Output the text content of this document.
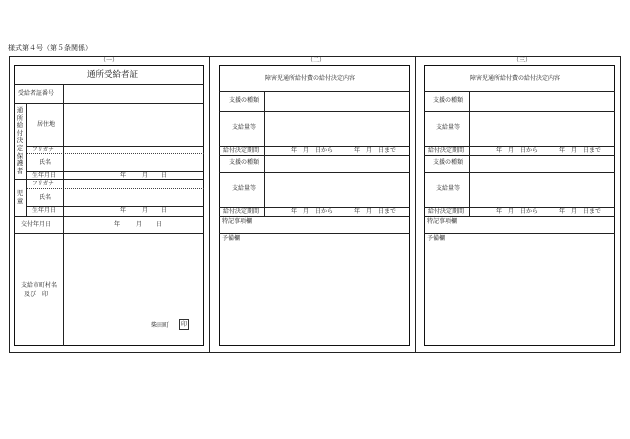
様式第４号（第５条関係）
（一）	（二）	（三）
通所受給者証
受給者証番号
通所給付決定保護者
居住地
フリガナ
氏名
生年月日	年	月 日
児童
フリガナ
氏名
生年月日	年	月 日
交付年月日	年	月 日
支給市町村名
及び　印
柴田町 印
障害児通所給付費の給付決定内容
支援の種類
支給量等
給付決定期間	年　月　日から	年　月　日まで
支援の種類
支給量等
給付決定期間	年　月　日から	年　月　日まで
特記事項欄
予備欄
障害児通所給付費の給付決定内容
支援の種類
支給量等
給付決定期間	年　月　日から	年　月　日まで
支援の種類
支給量等
給付決定期間	年　月　日から	年　月　日まで
特記事項欄
予備欄
